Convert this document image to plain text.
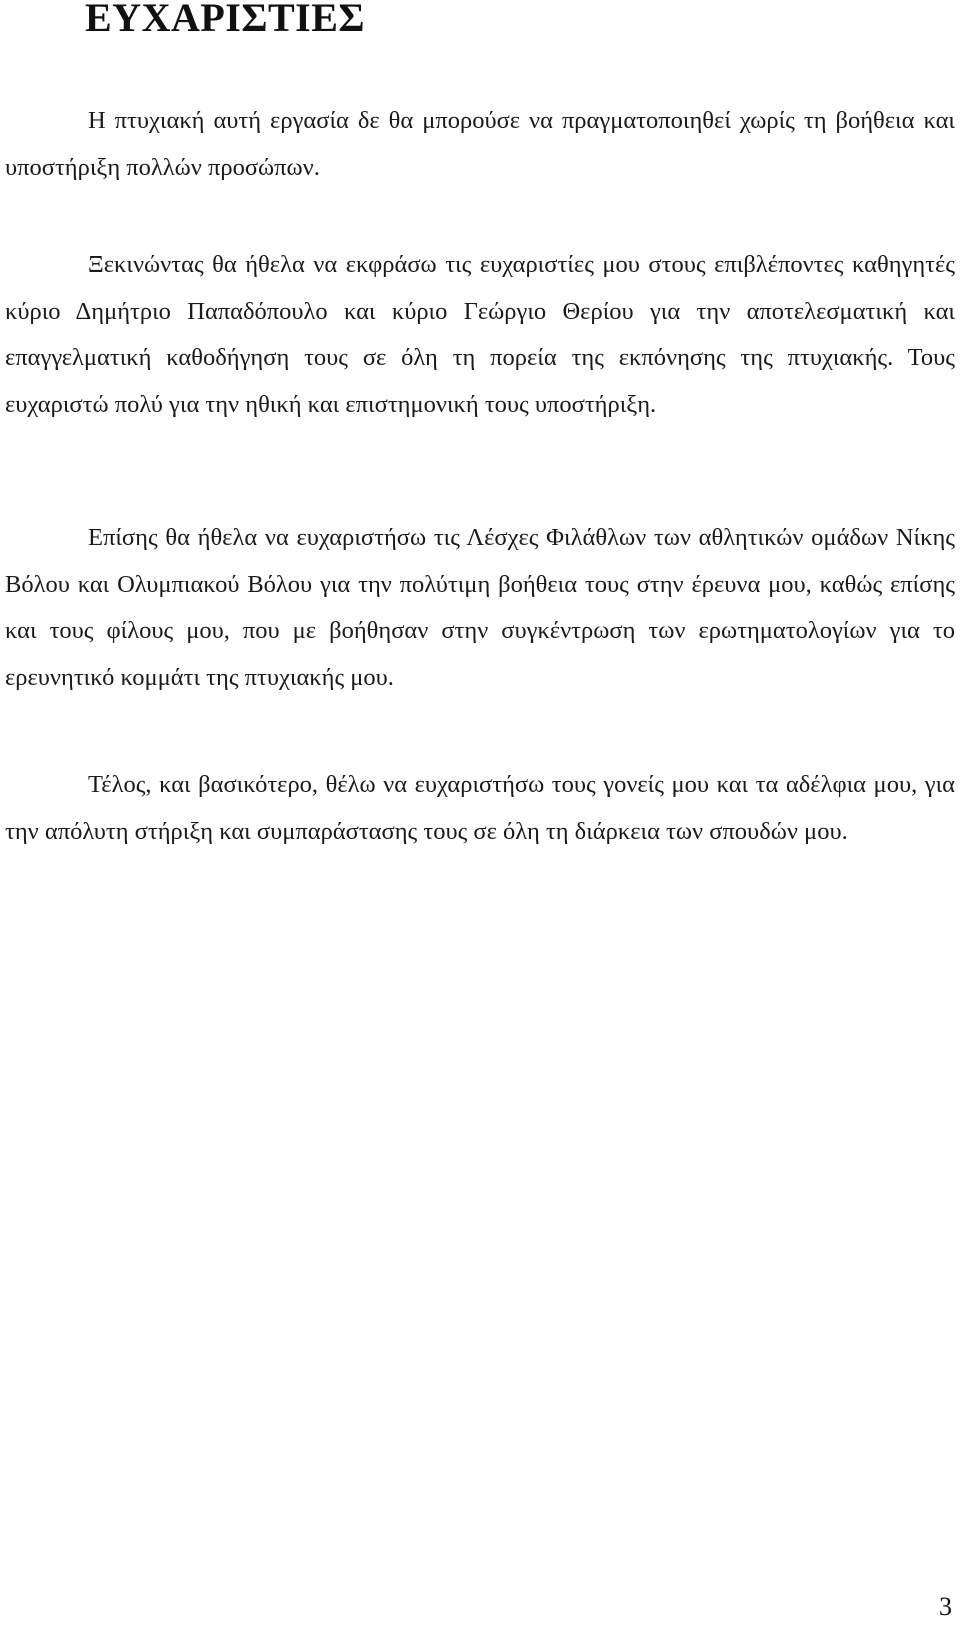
ΕΥΧΑΡΙΣΤΙΕΣ

Η πτυχιακή αυτή εργασία δε θα μπορούσε να πραγματοποιηθεί χωρίς τη βοήθεια και υποστήριξη πολλών προσώπων.

Ξεκινώντας θα ήθελα να εκφράσω τις ευχαριστίες μου στους επιβλέποντες καθηγητές κύριο Δημήτριο Παπαδόπουλο και κύριο Γεώργιο Θερίου για την αποτελεσματική και επαγγελματική καθοδήγηση τους σε όλη τη πορεία της εκπόνησης της πτυχιακής. Τους ευχαριστώ πολύ για την ηθική και επιστημονική τους υποστήριξη.

Επίσης θα ήθελα να ευχαριστήσω τις Λέσχες Φιλάθλων των αθλητικών ομάδων Νίκης Βόλου και Ολυμπιακού Βόλου για την πολύτιμη βοήθεια τους στην έρευνα μου, καθώς επίσης και τους φίλους μου, που με βοήθησαν στην συγκέντρωση των ερωτηματολογίων για το ερευνητικό κομμάτι της πτυχιακής μου.

Τέλος, και βασικότερο, θέλω να ευχαριστήσω τους γονείς μου και τα αδέλφια μου, για την απόλυτη στήριξη και συμπαράστασης τους σε όλη τη διάρκεια των σπουδών μου.

3
